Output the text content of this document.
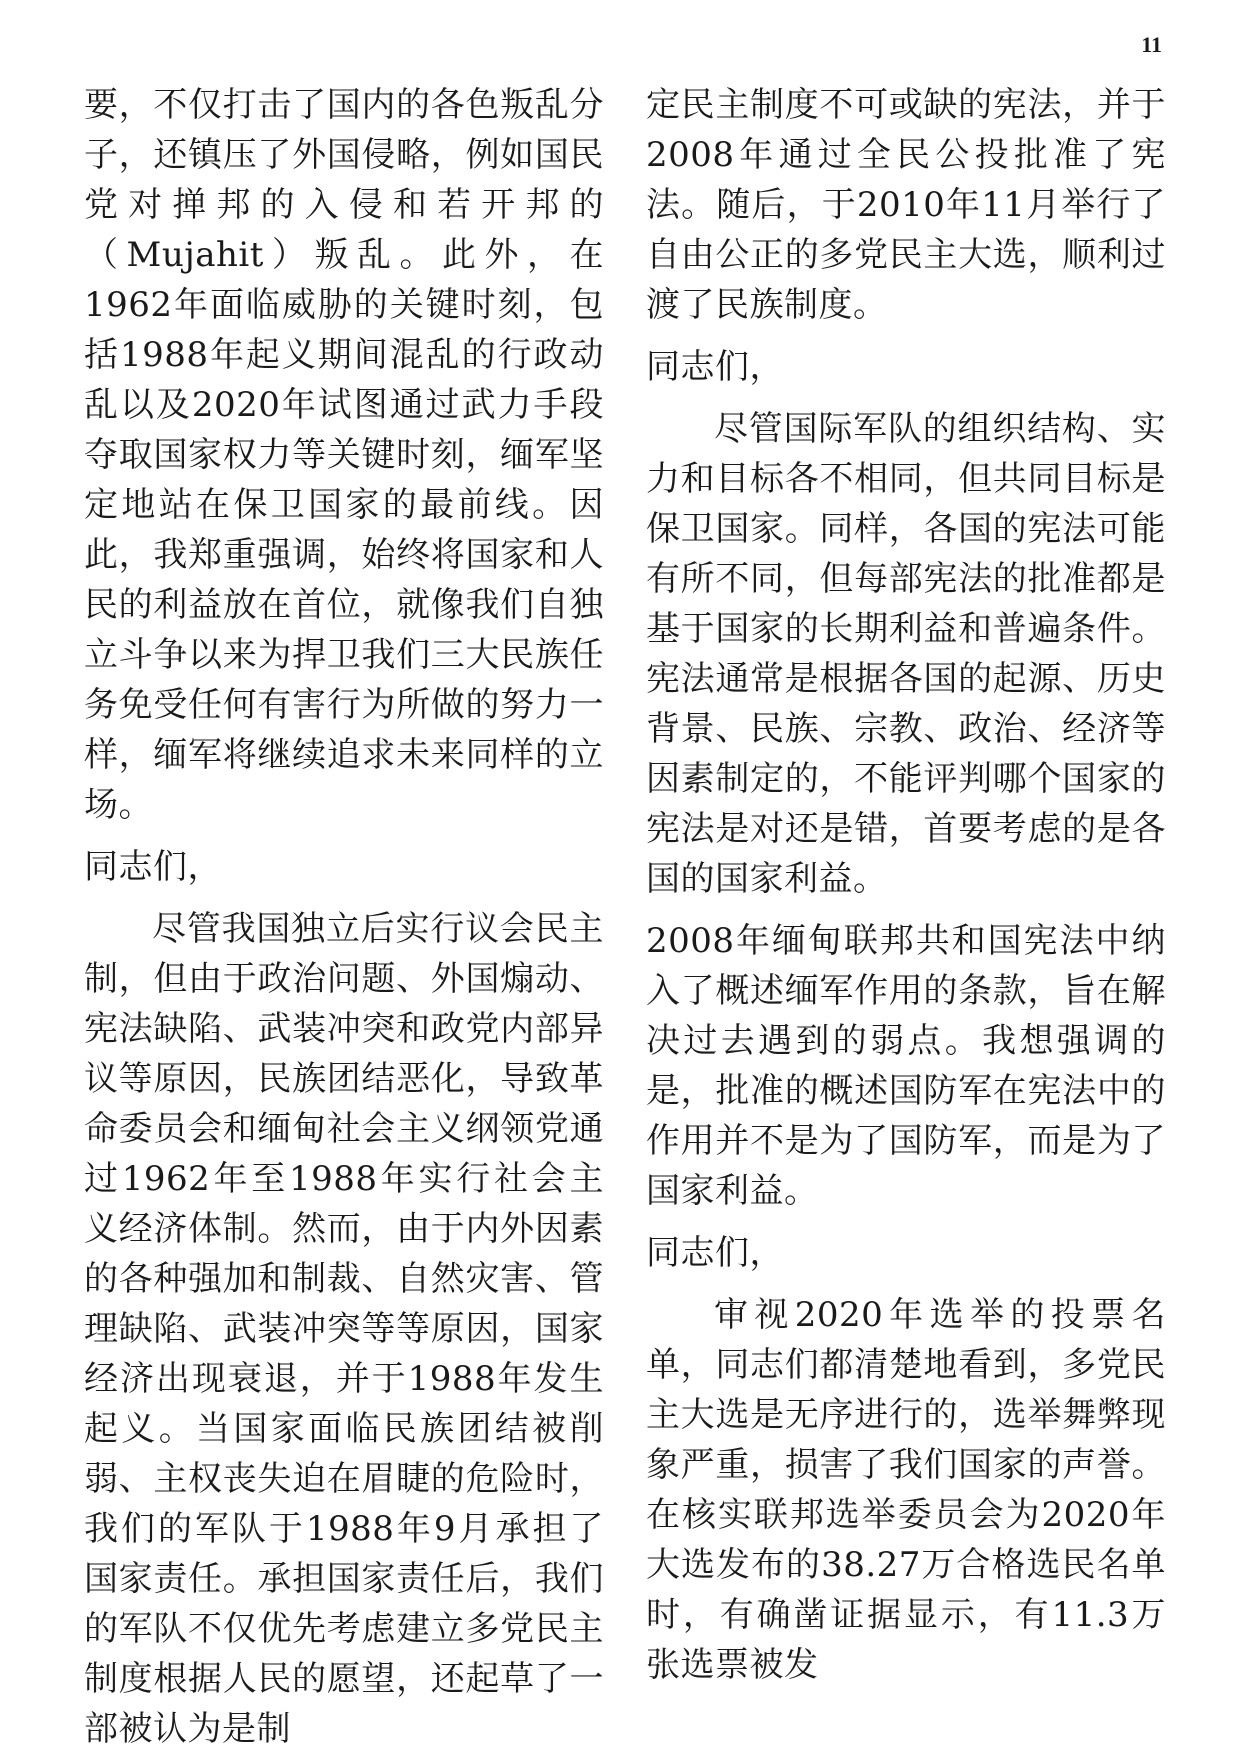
11

要，不仅打击了国内的各色叛乱分子，还镇压了外国侵略，例如国民党对掸邦的入侵和若开邦的（Mujahit）叛乱。此外，在1962年面临威胁的关键时刻，包括1988年起义期间混乱的行政动乱以及2020年试图通过武力手段夺取国家权力等关键时刻，缅军坚定地站在保卫国家的最前线。因此，我郑重强调，始终将国家和人民的利益放在首位，就像我们自独立斗争以来为捍卫我们三大民族任务免受任何有害行为所做的努力一样，缅军将继续追求未来同样的立场。

同志们，

尽管我国独立后实行议会民主制，但由于政治问题、外国煽动、宪法缺陷、武装冲突和政党内部异议等原因，民族团结恶化，导致革命委员会和缅甸社会主义纲领党通过1962年至1988年实行社会主义经济体制。然而，由于内外因素的各种强加和制裁、自然灾害、管理缺陷、武装冲突等等原因，国家经济出现衰退，并于1988年发生起义。当国家面临民族团结被削弱、主权丧失迫在眉睫的危险时，我们的军队于1988年9月承担了国家责任。承担国家责任后，我们的军队不仅优先考虑建立多党民主制度根据人民的愿望，还起草了一部被认为是制

定民主制度不可或缺的宪法，并于2008年通过全民公投批准了宪法。随后，于2010年11月举行了自由公正的多党民主大选，顺利过渡了民族制度。

同志们，

尽管国际军队的组织结构、实力和目标各不相同，但共同目标是保卫国家。同样，各国的宪法可能有所不同，但每部宪法的批准都是基于国家的长期利益和普遍条件。宪法通常是根据各国的起源、历史背景、民族、宗教、政治、经济等因素制定的，不能评判哪个国家的宪法是对还是错，首要考虑的是各国的国家利益。

2008年缅甸联邦共和国宪法中纳入了概述缅军作用的条款，旨在解决过去遇到的弱点。我想强调的是，批准的概述国防军在宪法中的作用并不是为了国防军，而是为了国家利益。

同志们，

审视2020年选举的投票名单，同志们都清楚地看到，多党民主大选是无序进行的，选举舞弊现象严重，损害了我们国家的声誉。在核实联邦选举委员会为2020年大选发布的38.27万合格选民名单时，有确凿证据显示，有11.3万张选票被发
